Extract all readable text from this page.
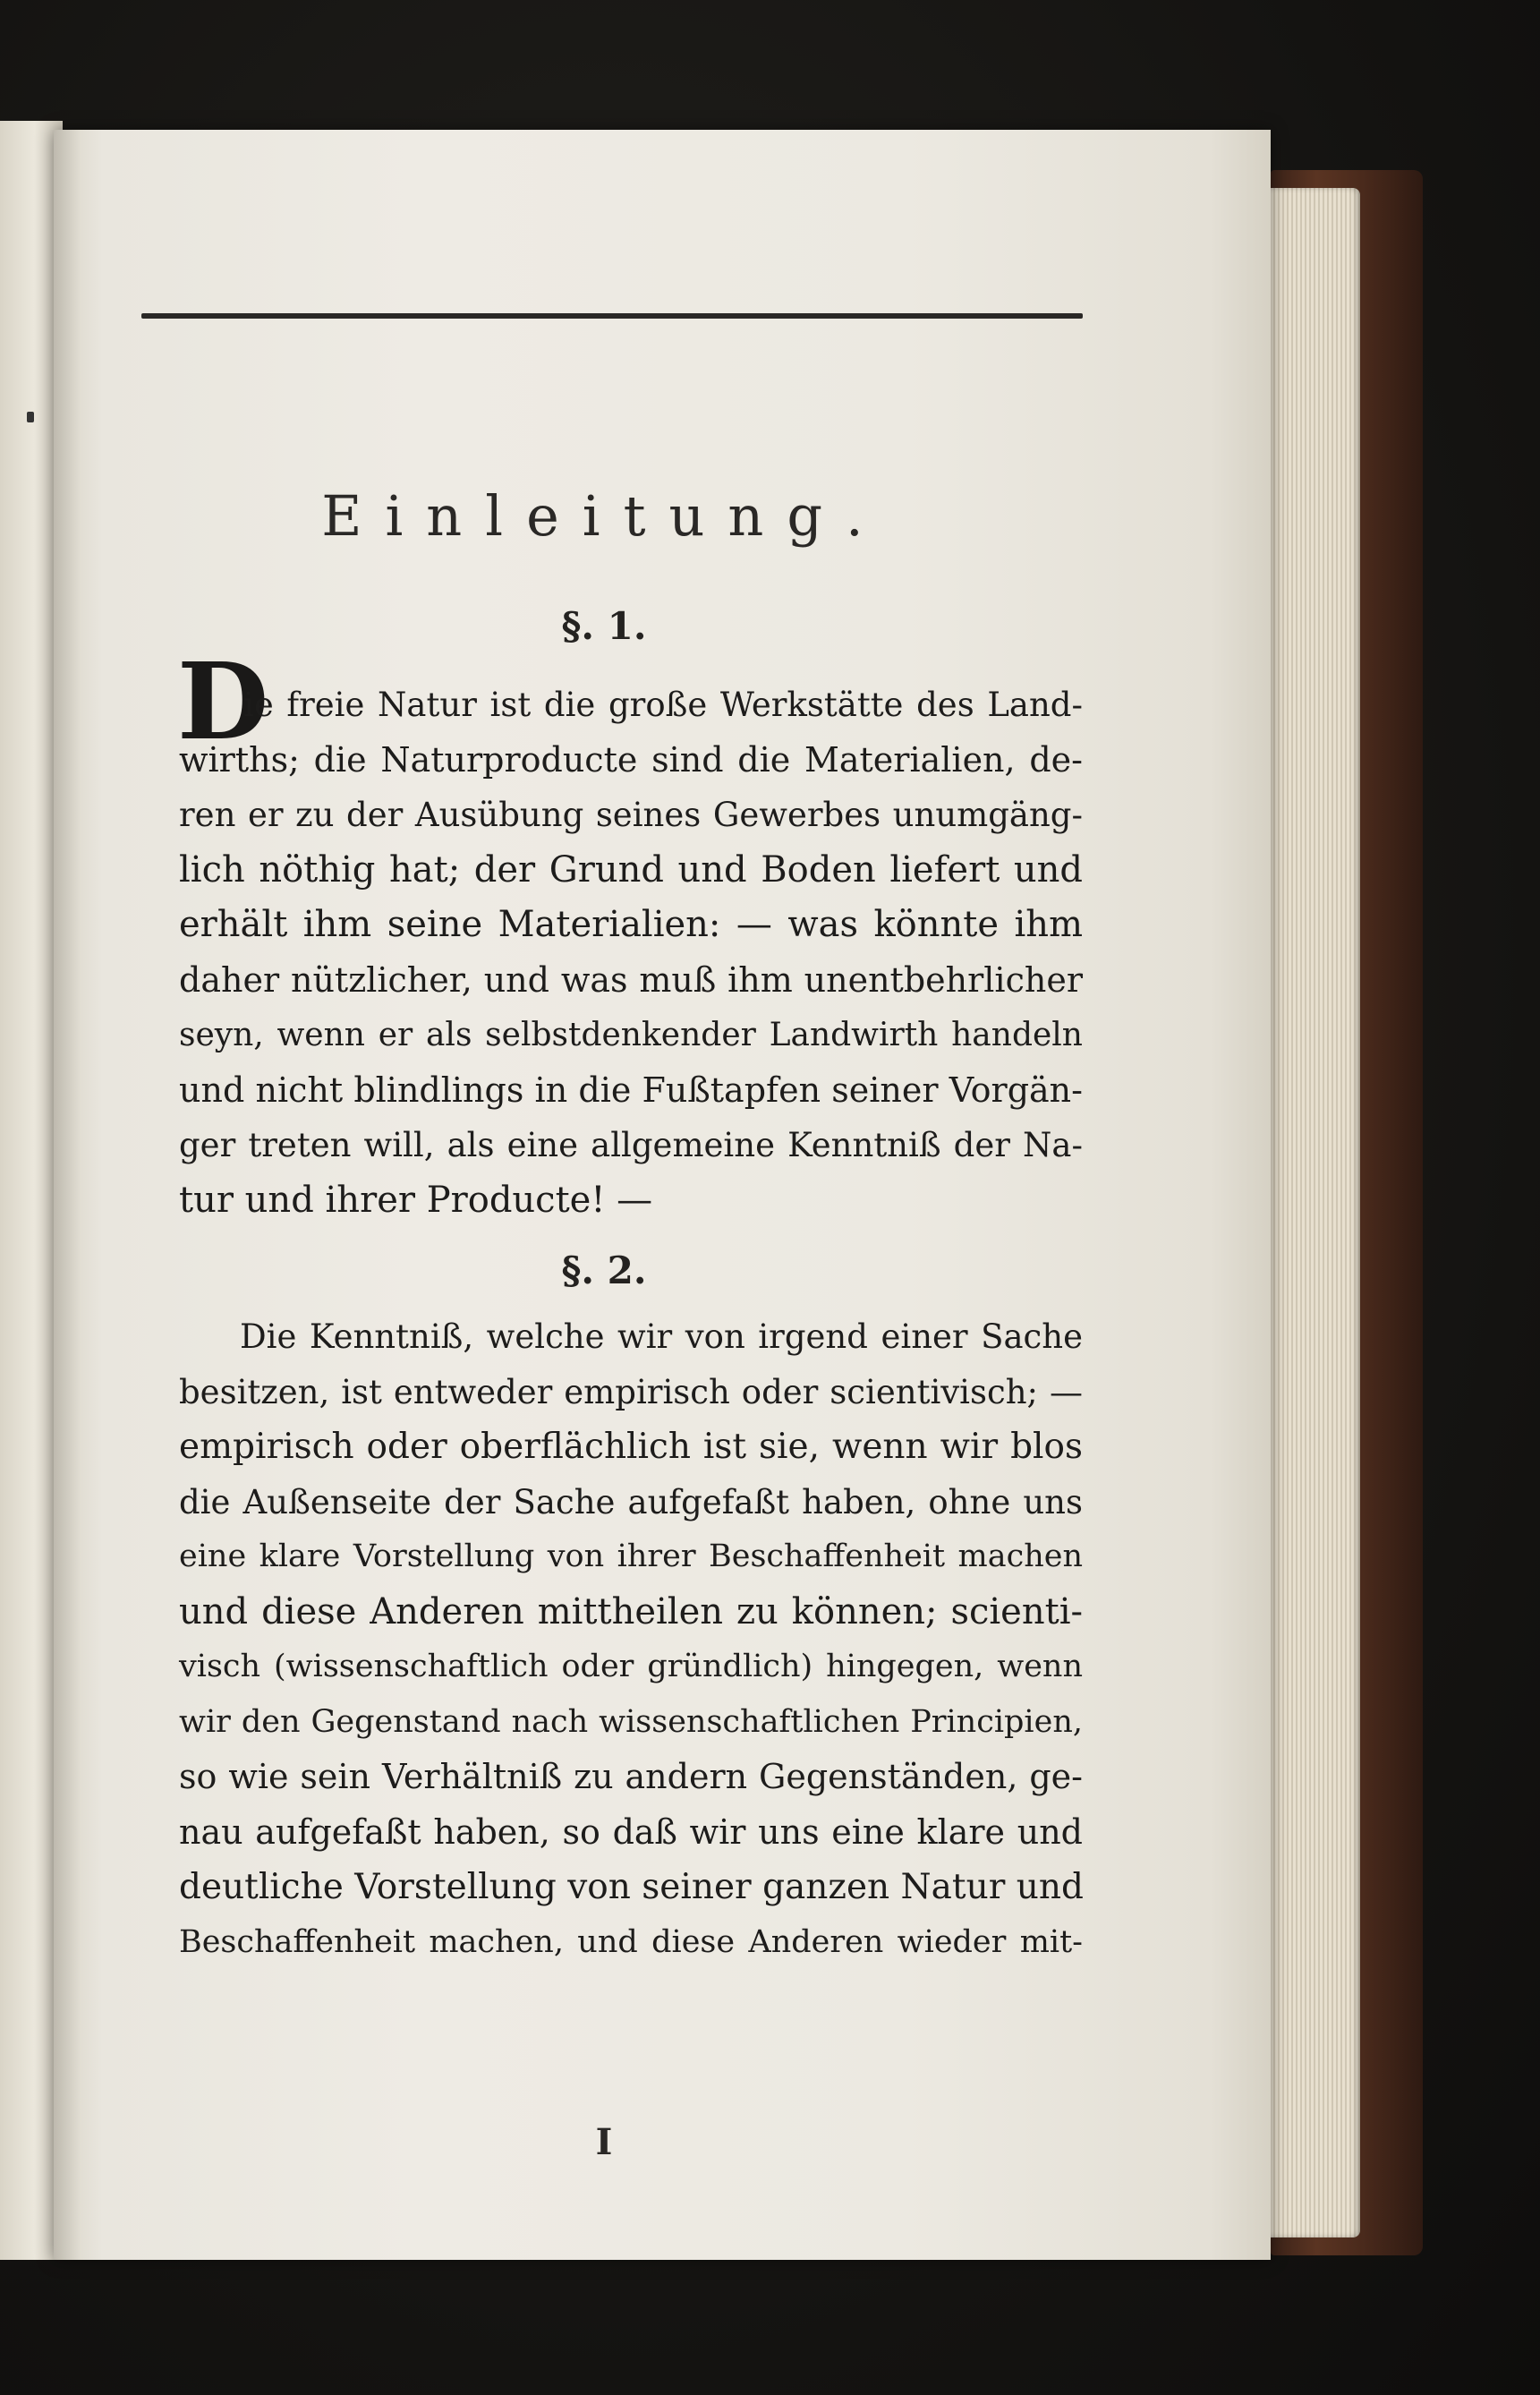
Einleitung.
§. 1.
D
ie freie Natur ist die große Werkstätte des Land-
wirths; die Naturproducte sind die Materialien, de-
ren er zu der Ausübung seines Gewerbes unumgäng-
lich nöthig hat; der Grund und Boden liefert und
erhält ihm seine Materialien: — was könnte ihm
daher nützlicher, und was muß ihm unentbehrlicher
seyn, wenn er als selbstdenkender Landwirth handeln
und nicht blindlings in die Fußtapfen seiner Vorgän-
ger treten will, als eine allgemeine Kenntniß der Na-
tur und ihrer Producte! —
§. 2.
Die Kenntniß, welche wir von irgend einer Sache
besitzen, ist entweder empirisch oder scientivisch; —
empirisch oder oberflächlich ist sie, wenn wir blos
die Außenseite der Sache aufgefaßt haben, ohne uns
eine klare Vorstellung von ihrer Beschaffenheit machen
und diese Anderen mittheilen zu können; scienti-
visch (wissenschaftlich oder gründlich) hingegen, wenn
wir den Gegenstand nach wissenschaftlichen Principien,
so wie sein Verhältniß zu andern Gegenständen, ge-
nau aufgefaßt haben, so daß wir uns eine klare und
deutliche Vorstellung von seiner ganzen Natur und
Beschaffenheit machen, und diese Anderen wieder mit-
I
